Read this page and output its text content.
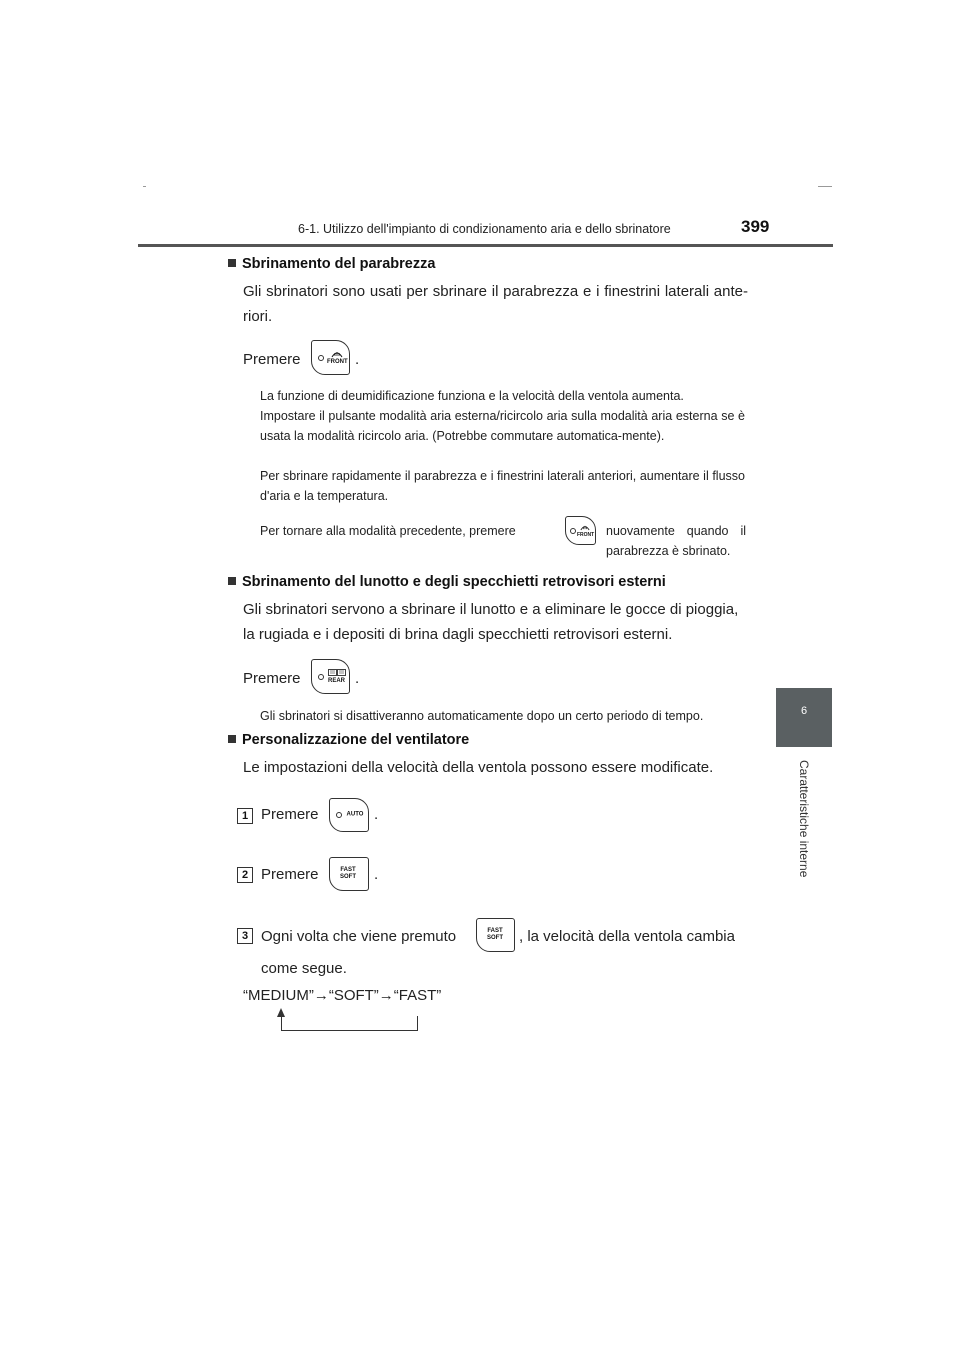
6-1. Utilizzo dell'impianto di condizionamento aria e dello sbrinatore	399
6
Caratteristiche interne
Sbrinamento del parabrezza
Gli sbrinatori sono usati per sbrinare il parabrezza e i finestrini laterali ante-riori.
Premere	FRONT .
La funzione di deumidificazione funziona e la velocità della ventola aumenta.
Impostare il pulsante modalità aria esterna/ricircolo aria sulla modalità aria esterna se è usata la modalità ricircolo aria. (Potrebbe commutare automatica-mente).
Per sbrinare rapidamente il parabrezza e i finestrini laterali anteriori, aumentare il flusso d'aria e la temperatura.
Per tornare alla modalità precedente, premere	FRONT nuovamente quando il parabrezza è sbrinato.
Sbrinamento del lunotto e degli specchietti retrovisori esterni
Gli sbrinatori servono a sbrinare il lunotto e a eliminare le gocce di pioggia, la rugiada e i depositi di brina dagli specchietti retrovisori esterni.
Premere	REAR .
Gli sbrinatori si disattiveranno automaticamente dopo un certo periodo di tempo.
Personalizzazione del ventilatore
Le impostazioni della velocità della ventola possono essere modificate.
1 Premere	AUTO .
2 Premere	FAST SOFT	.
3 Ogni volta che viene premuto	FAST SOFT	, la velocità della ventola cambia
come segue.
“MEDIUM”→“SOFT”→“FAST”
